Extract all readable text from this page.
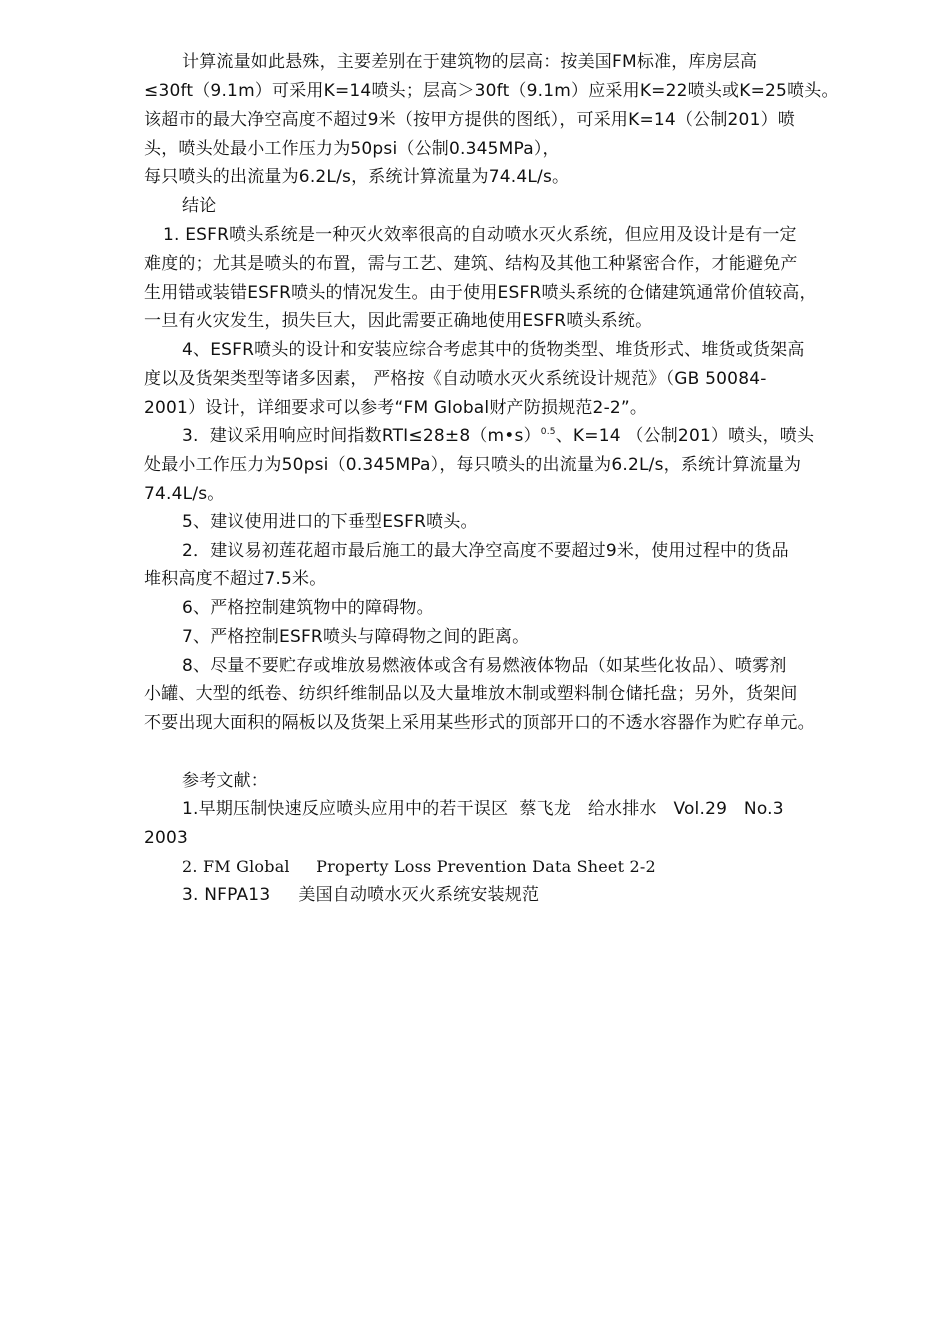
计算流量如此悬殊，主要差别在于建筑物的层高：按美国FM标准，库房层高
≤30ft（9.1m）可采用K=14喷头；层高＞30ft（9.1m）应采用K=22喷头或K=25喷头。
该超市的最大净空高度不超过9米（按甲方提供的图纸），可采用K=14（公制201）喷
头，喷头处最小工作压力为50psi（公制0.345MPa），
每只喷头的出流量为6.2L/s，系统计算流量为74.4L/s。
结论
1. ESFR喷头系统是一种灭火效率很高的自动喷水灭火系统，但应用及设计是有一定
难度的；尤其是喷头的布置，需与工艺、建筑、结构及其他工种紧密合作，才能避免产
生用错或装错ESFR喷头的情况发生。由于使用ESFR喷头系统的仓储建筑通常价值较高，
一旦有火灾发生，损失巨大，因此需要正确地使用ESFR喷头系统。
4、ESFR喷头的设计和安装应综合考虑其中的货物类型、堆货形式、堆货或货架高
度以及货架类型等诸多因素， 严格按《自动喷水灭火系统设计规范》（GB 50084-
2001）设计，详细要求可以参考“FM Global财产防损规范2-2”。
3.  建议采用响应时间指数RTI≤28±8（m•s）$^{0.5}$、K=14 （公制201）喷头，喷头
处最小工作压力为50psi（0.345MPa），每只喷头的出流量为6.2L/s，系统计算流量为
74.4L/s。
5、建议使用进口的下垂型ESFR喷头。
2．建议易初莲花超市最后施工的最大净空高度不要超过9米，使用过程中的货品
堆积高度不超过7.5米。
6、严格控制建筑物中的障碍物。
7、严格控制ESFR喷头与障碍物之间的距离。
8、尽量不要贮存或堆放易燃液体或含有易燃液体物品（如某些化妆品）、喷雾剂
小罐、大型的纸卷、纺织纤维制品以及大量堆放木制或塑料制仓储托盘；另外，货架间
不要出现大面积的隔板以及货架上采用某些形式的顶部开口的不透水容器作为贮存单元。
参考文献：
1.早期压制快速反应喷头应用中的若干误区  蔡飞龙   给水排水   Vol.29   No.3
2003
2. FM Global     Property Loss Prevention Data Sheet 2-2
3. NFPA13     美国自动喷水灭火系统安装规范
